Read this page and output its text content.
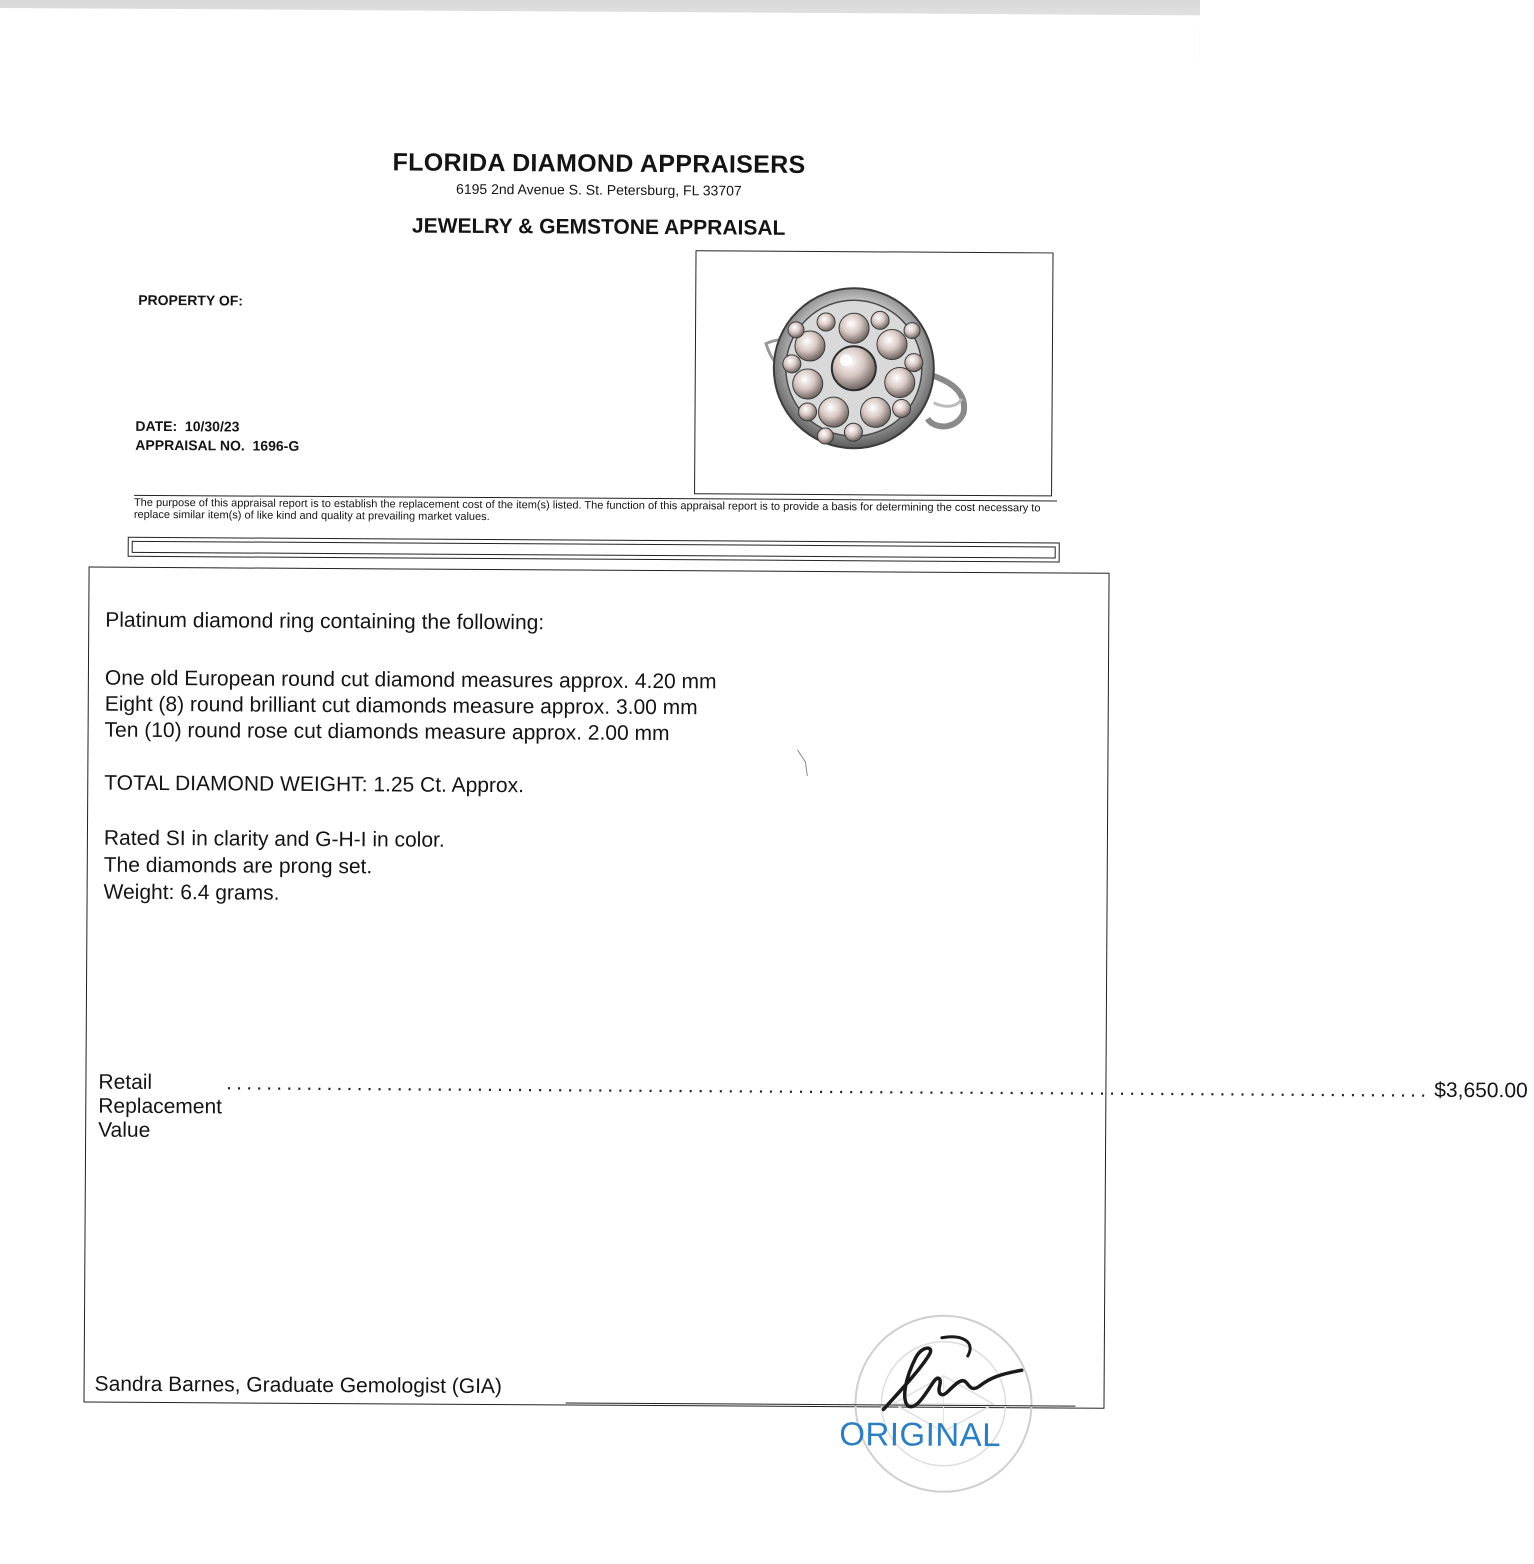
FLORIDA DIAMOND APPRAISERS
6195 2nd Avenue S. St. Petersburg, FL 33707
JEWELRY & GEMSTONE APPRAISAL
PROPERTY OF:
DATE: 10/30/23
APPRAISAL NO. 1696-G
The purpose of this appraisal report is to establish the replacement cost of the item(s) listed. The function of this appraisal report is to provide a basis for determining the cost necessary to replace similar item(s) of like kind and quality at prevailing market values.
Platinum diamond ring containing the following:
One old European round cut diamond measures approx. 4.20 mm
Eight (8) round brilliant cut diamonds measure approx. 3.00 mm
Ten (10) round rose cut diamonds measure approx. 2.00 mm
TOTAL DIAMOND WEIGHT: 1.25 Ct. Approx.
Rated SI in clarity and G-H-I in color.
The diamonds are prong set.
Weight: 6.4 grams.
Retail Replacement Value
........................................................................................................................ $3,650.00
Sandra Barnes, Graduate Gemologist (GIA)
ORIGINAL
